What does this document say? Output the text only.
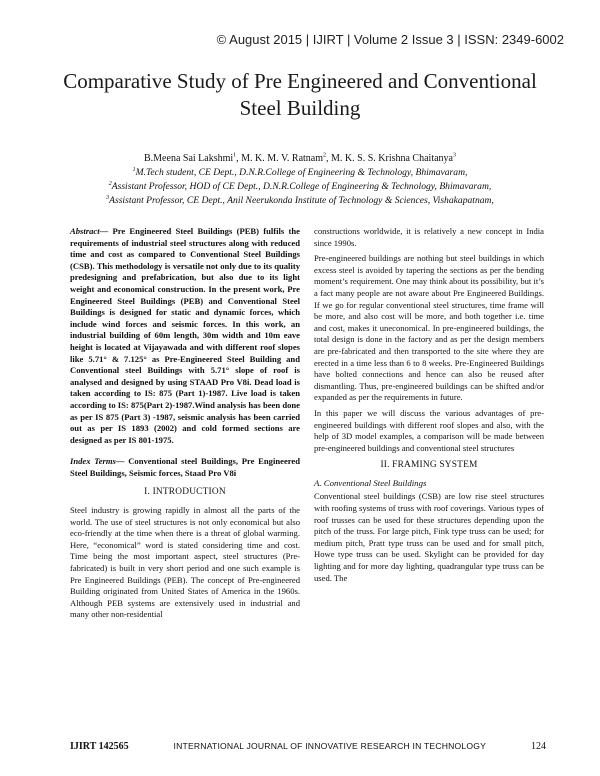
© August 2015 | IJIRT | Volume 2 Issue 3 | ISSN: 2349-6002
Comparative Study of Pre Engineered and Conventional
Steel Building
B.Meena Sai Lakshmi$^1$, M. K. M. V. Ratnam$^2$, M. K. S. S. Krishna Chaitanya$^3$
$^1$M.Tech student, CE Dept., D.N.R.College of Engineering & Technology, Bhimavaram,
$^2$Assistant Professor, HOD of CE Dept., D.N.R.College of Engineering & Technology, Bhimavaram,
$^3$Assistant Professor, CE Dept., Anil Neerukonda Institute of Technology & Sciences, Vishakapatnam,

Abstract— Pre Engineered Steel Buildings (PEB) fulfils the requirements of industrial steel structures along with reduced time and cost as compared to Conventional Steel Buildings (CSB). This methodology is versatile not only due to its quality predesigning and prefabrication, but also due to its light weight and economical construction. In the present work, Pre Engineered Steel Buildings (PEB) and Conventional Steel Buildings is designed for static and dynamic forces, which include wind forces and seismic forces. In this work, an industrial building of 60m length, 30m width and 10m eave height is located at Vijayawada and with different roof slopes like 5.71° & 7.125° as Pre-Engineered Steel Building and Conventional steel Buildings with 5.71° slope of roof is analysed and designed by using STAAD Pro V8i. Dead load is taken according to IS: 875 (Part 1)-1987. Live load is taken according to IS: 875(Part 2)-1987.Wind analysis has been done as per IS 875 (Part 3) -1987, seismic analysis has been carried out as per IS 1893 (2002) and cold formed sections are designed as per IS 801-1975.

Index Terms— Conventional steel Buildings, Pre Engineered Steel Buildings, Seismic forces, Staad Pro V8i

I. INTRODUCTION

Steel industry is growing rapidly in almost all the parts of the world. The use of steel structures is not only economical but also eco-friendly at the time when there is a threat of global warming. Here, “economical” word is stated considering time and cost. Time being the most important aspect, steel structures (Pre-fabricated) is built in very short period and one such example is Pre Engineered Buildings (PEB). The concept of Pre-engineered Building originated from United States of America in the 1960s. Although PEB systems are extensively used in industrial and many other non-residential

constructions worldwide, it is relatively a new concept in India since 1990s.

Pre-engineered buildings are nothing but steel buildings in which excess steel is avoided by tapering the sections as per the bending moment’s requirement. One may think about its possibility, but it’s a fact many people are not aware about Pre Engineered Buildings. If we go for regular conventional steel structures, time frame will be more, and also cost will be more, and both together i.e. time and cost, makes it uneconomical. In pre-engineered buildings, the total design is done in the factory and as per the design members are pre-fabricated and then transported to the site where they are erected in a time less than 6 to 8 weeks. Pre-Engineered Buildings have bolted connections and hence can also be reused after dismantling. Thus, pre-engineered buildings can be shifted and/or expanded as per the requirements in future.

In this paper we will discuss the various advantages of pre-engineered buildings with different roof slopes and also, with the help of 3D model examples, a comparison will be made between pre-engineered buildings and conventional steel structures

II. FRAMING SYSTEM
A. Conventional Steel Buildings

Conventional steel buildings (CSB) are low rise steel structures with roofing systems of truss with roof coverings. Various types of roof trusses can be used for these structures depending upon the pitch of the truss. For large pitch, Fink type truss can be used; for medium pitch, Pratt type truss can be used and for small pitch, Howe type truss can be used. Skylight can be provided for day lighting and for more day lighting, quadrangular type truss can be used. The

IJIRT 142565	INTERNATIONAL JOURNAL OF INNOVATIVE RESEARCH IN TECHNOLOGY	124
